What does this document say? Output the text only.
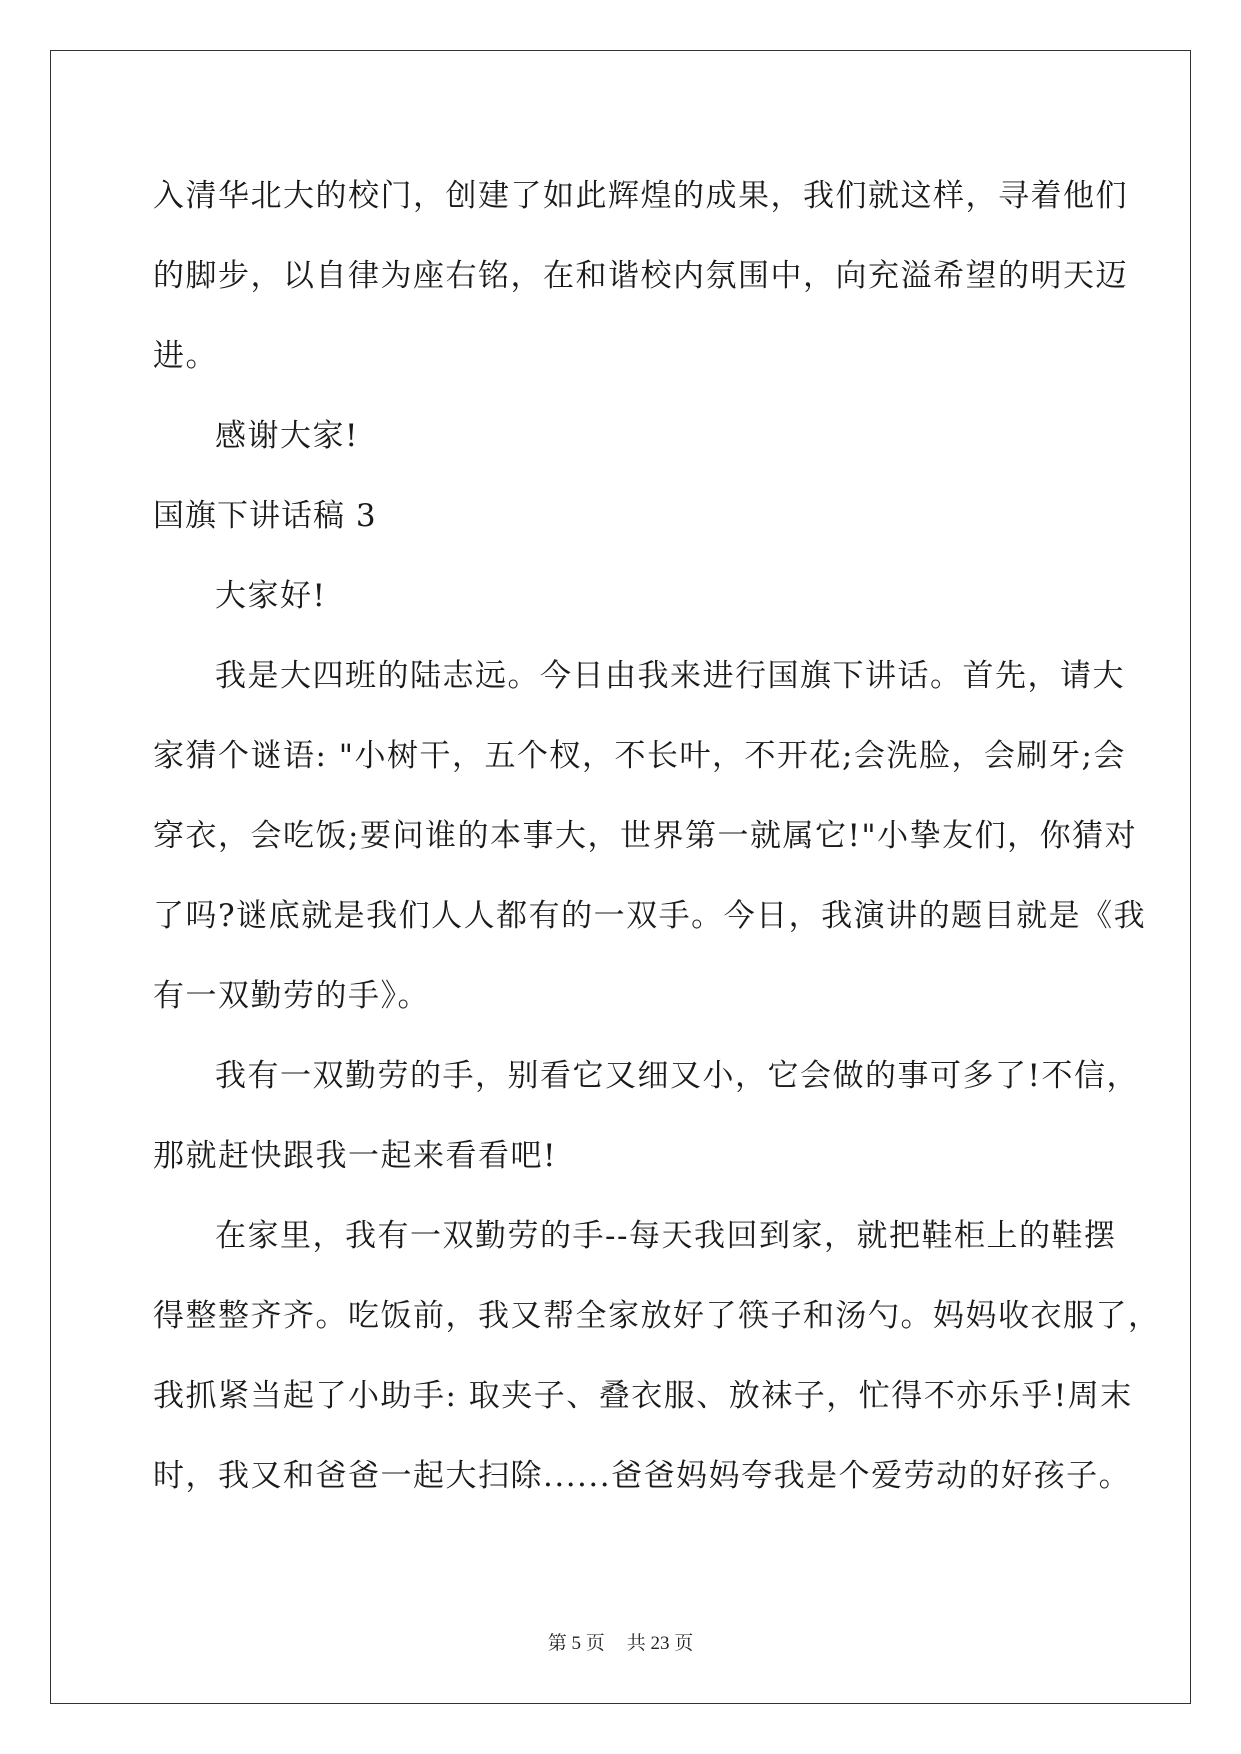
入清华北大的校门，创建了如此辉煌的成果，我们就这样，寻着他们
的脚步，以自律为座右铭，在和谐校内氛围中，向充溢希望的明天迈
进。
感谢大家!
国旗下讲话稿 3
大家好!
我是大四班的陆志远。今日由我来进行国旗下讲话。首先，请大
家猜个谜语: "小树干，五个杈，不长叶，不开花;会洗脸，会刷牙;会
穿衣，会吃饭;要问谁的本事大，世界第一就属它!"小挚友们，你猜对
了吗?谜底就是我们人人都有的一双手。今日，我演讲的题目就是《我
有一双勤劳的手》。
我有一双勤劳的手，别看它又细又小，它会做的事可多了!不信，
那就赶快跟我一起来看看吧!
在家里，我有一双勤劳的手--每天我回到家，就把鞋柜上的鞋摆
得整整齐齐。吃饭前，我又帮全家放好了筷子和汤勺。妈妈收衣服了，
我抓紧当起了小助手: 取夹子、叠衣服、放袜子，忙得不亦乐乎!周末
时，我又和爸爸一起大扫除......爸爸妈妈夸我是个爱劳动的好孩子。
第 5 页 共 23 页
